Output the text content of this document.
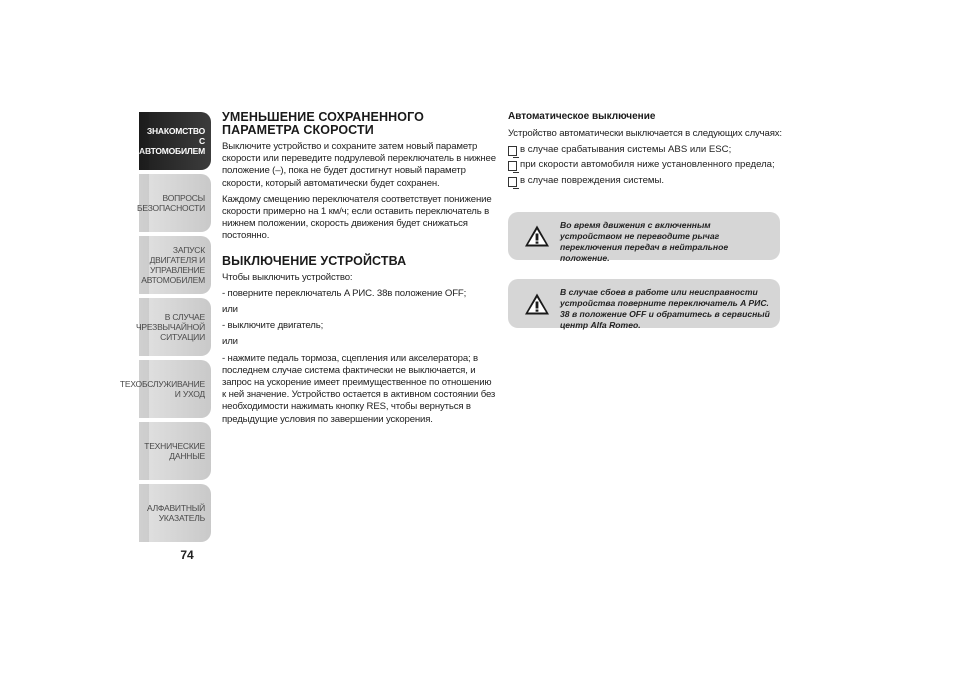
ЗНАКОМСТВО С
АВТОМОБИЛЕМ
ВОПРОСЫ
БЕЗОПАСНОСТИ
ЗАПУСК ДВИГАТЕЛЯ И
УПРАВЛЕНИЕ
АВТОМОБИЛЕМ
В СЛУЧАЕ
ЧРЕЗВЫЧАЙНОЙ
СИТУАЦИИ
ТЕХОБСЛУЖИВАНИЕ
И УХОД
ТЕХНИЧЕСКИЕ
ДАННЫЕ
АЛФАВИТНЫЙ
УКАЗАТЕЛЬ
74
УМЕНЬШЕНИЕ СОХРАНЕННОГО ПАРАМЕТРА СКОРОСТИ

Выключите устройство и сохраните затем новый параметр скорости или переведите подрулевой переключатель в нижнее положение (–), пока не будет достигнут новый параметр скорости, который автоматически будет сохранен.

Каждому смещению переключателя соответствует понижение скорости примерно на 1 км/ч; если оставить переключатель в нижнем положении, скорость движения будет снижаться постоянно.

ВЫКЛЮЧЕНИЕ УСТРОЙСТВА

Чтобы выключить устройство:

- поверните переключатель A РИС. 38в положение OFF;

или

- выключите двигатель;

или

- нажмите педаль тормоза, сцепления или акселератора; в последнем случае система фактически не выключается, и запрос на ускорение имеет преимущественное по отношению к ней значение. Устройство остается в активном состоянии без необходимости нажимать кнопку RES, чтобы вернуться в предыдущие условия по завершении ускорения.

Автоматическое выключение

Устройство автоматически выключается в следующих случаях:

в случае срабатывания системы ABS или ESC;
при скорости автомобиля ниже установленного предела;
в случае повреждения системы.
Во время движения с включенным устройством не переводите рычаг переключения передач в нейтральное положение.
В случае сбоев в работе или неисправности устройства поверните переключатель A РИС. 38 в положение OFF и обратитесь в сервисный центр Alfa Romeo.
